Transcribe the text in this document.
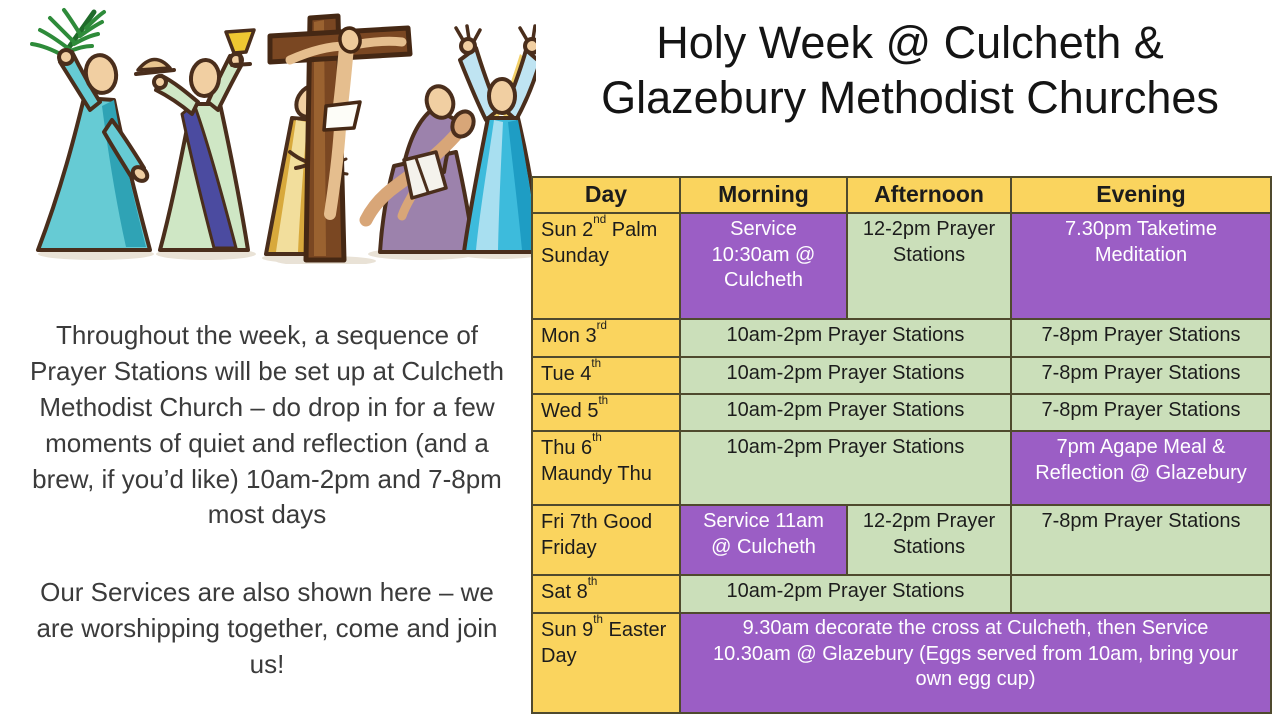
Holy Week @ Culcheth & Glazebury Methodist Churches

Throughout the week, a sequence of Prayer Stations will be set up at Culcheth Methodist Church – do drop in for a few moments of quiet and reflection (and a brew, if you’d like) 10am-2pm and 7-8pm most days

Our Services are also shown here – we are worshipping together, come and join us!

Day	Morning	Afternoon	Evening
Sun 2nd Palm Sunday	Service 10:30am @ Culcheth	12-2pm Prayer Stations	7.30pm Taketime Meditation
Mon 3rd	10am-2pm Prayer Stations		7-8pm Prayer Stations
Tue 4th	10am-2pm Prayer Stations		7-8pm Prayer Stations
Wed 5th	10am-2pm Prayer Stations		7-8pm Prayer Stations
Thu 6th Maundy Thu	10am-2pm Prayer Stations		7pm Agape Meal & Reflection @ Glazebury
Fri 7th Good Friday	Service 11am @ Culcheth	12-2pm Prayer Stations	7-8pm Prayer Stations
Sat 8th	10am-2pm Prayer Stations		
Sun 9th Easter Day	9.30am decorate the cross at Culcheth, then Service 10.30am @ Glazebury (Eggs served from 10am, bring your own egg cup)		
